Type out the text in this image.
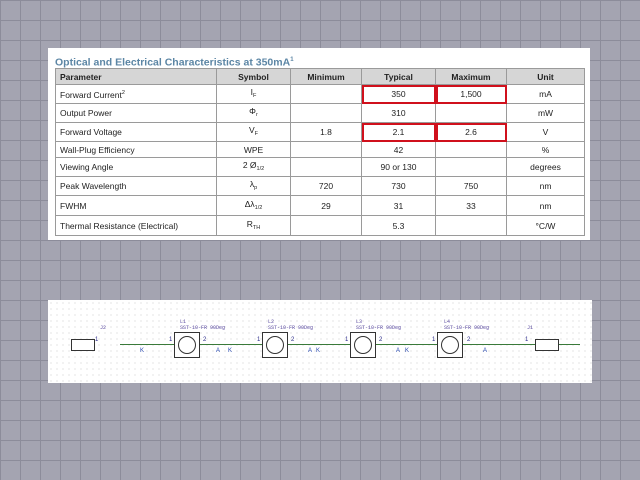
Optical and Electrical Characteristics at $350mA^1$
Parameter	Symbol	Minimum	Typical	Maximum	Unit
Forward Current$^2$	$I_F$		350	1,500	mA
Output Power	$\Phi_r$		310		mW
Forward Voltage	$V_F$	1.8	2.1	2.6	V
Wall-Plug Efficiency	WPE		42		%
Viewing Angle	2 $Ø_{1/2}$		90 or 130		degrees
Peak Wavelength	$\lambda_p$	720	730	750	nm
FWHM	$\Delta\lambda_{1/2}$	29	31	33	nm
Thermal Resistance (Electrical)	$R_{TH}$		5.3		°C/W
J2
1
K
L1
SST-10-FR 90Deg
1	2
A K
L2
SST-10-FR 90Deg
1	2
A K
L3
SST-10-FR 90Deg
1	2
A K
L4
SST-10-FR 90Deg
1	2
A
J1
1
